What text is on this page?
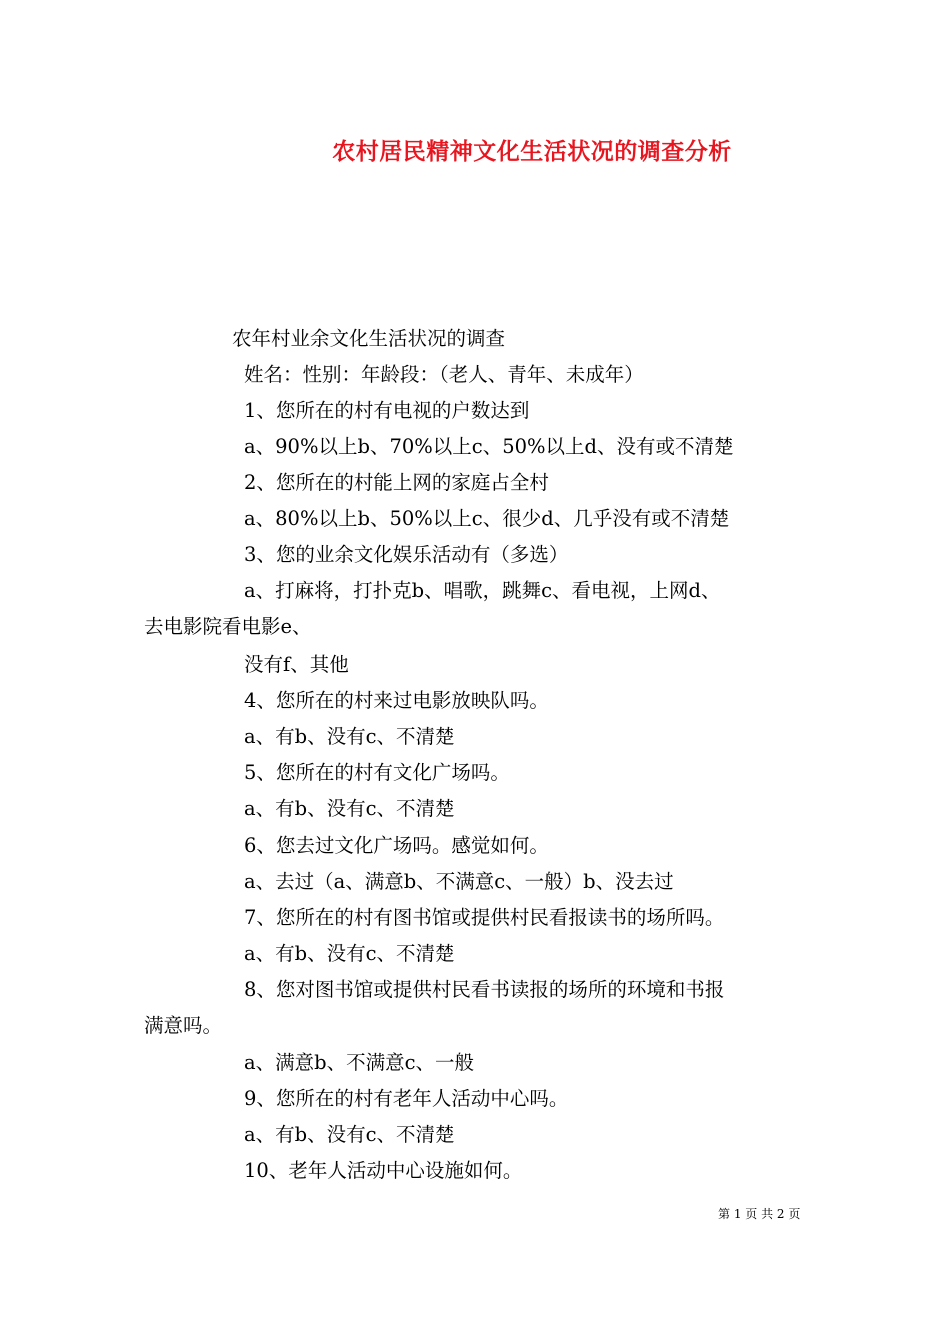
农村居民精神文化生活状况的调查分析
农年村业余文化生活状况的调查
姓名：性别：年龄段：（老人、青年、未成年）
1、您所在的村有电视的户数达到
a、90%以上b、70%以上c、50%以上d、没有或不清楚
2、您所在的村能上网的家庭占全村
a、80%以上b、50%以上c、很少d、几乎没有或不清楚
3、您的业余文化娱乐活动有（多选）
a、打麻将，打扑克b、唱歌，跳舞c、看电视，上网d、
去电影院看电影e、
没有f、其他
4、您所在的村来过电影放映队吗。
a、有b、没有c、不清楚
5、您所在的村有文化广场吗。
a、有b、没有c、不清楚
6、您去过文化广场吗。感觉如何。
a、去过（a、满意b、不满意c、一般）b、没去过
7、您所在的村有图书馆或提供村民看报读书的场所吗。
a、有b、没有c、不清楚
8、您对图书馆或提供村民看书读报的场所的环境和书报
满意吗。
a、满意b、不满意c、一般
9、您所在的村有老年人活动中心吗。
a、有b、没有c、不清楚
10、老年人活动中心设施如何。
第 1 页 共 2 页
